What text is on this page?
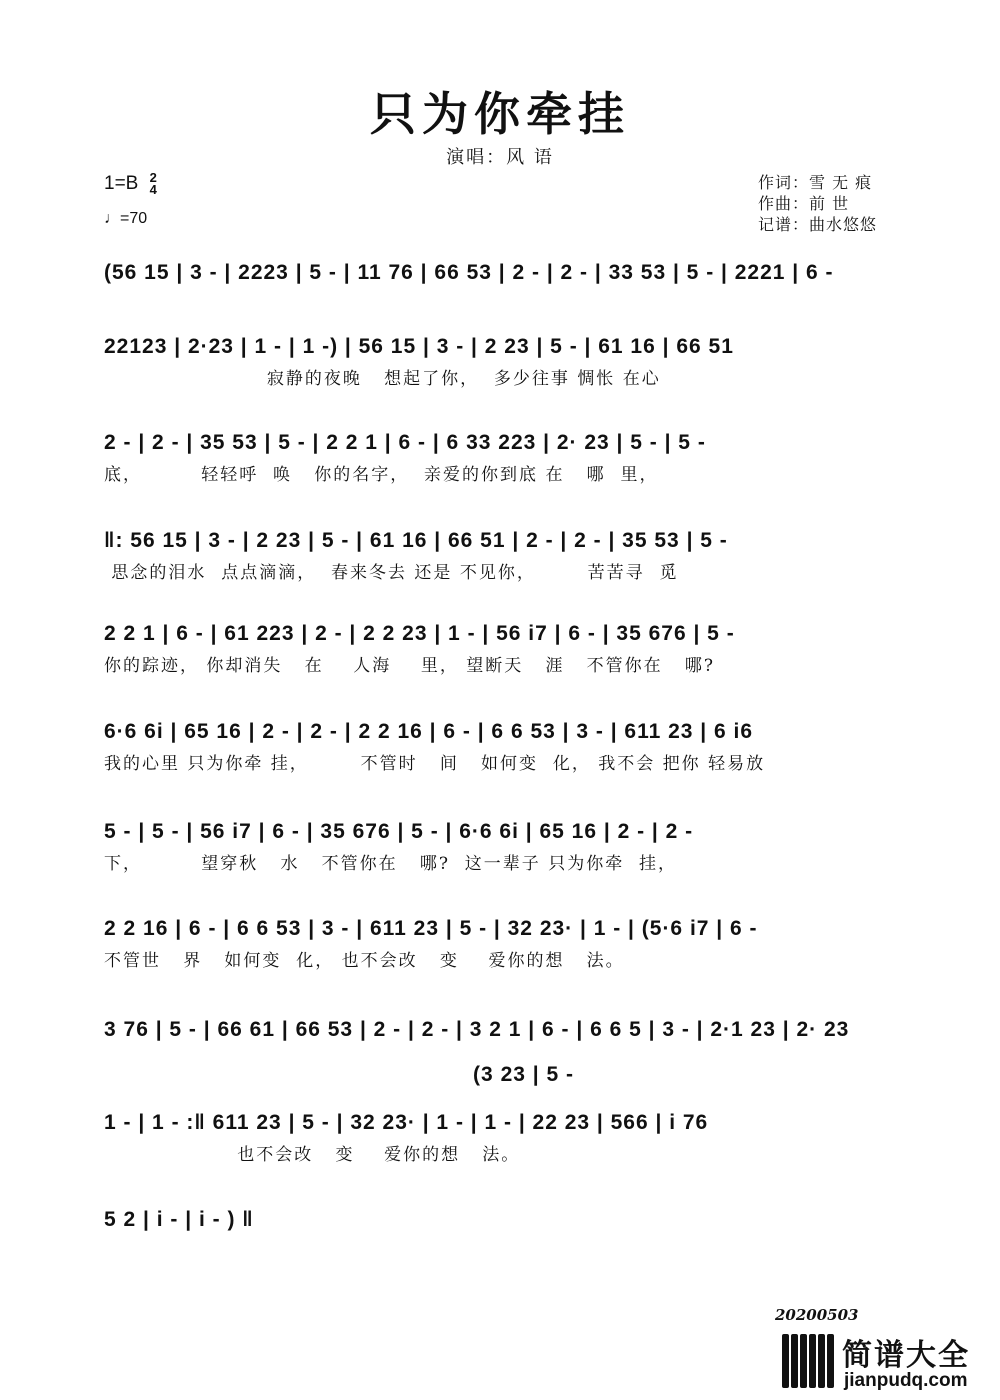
只为你牵挂
演唱：风 语
1=B 2
4
♩=70
作词：雪 无 痕
作曲：前 世
记谱：曲水悠悠
(56 15 | 3 - | 2223 | 5 - | 11 76 | 66 53 | 2 - | 2 - | 33 53 | 5 - | 2221 | 6 -
22123 | 2·23 | 1 - | 1 -) | 56 15 | 3 - | 2 23 | 5 - | 61 16 | 66 51
寂静的夜晚   想起了你，  多少往事 惆怅 在心
2 - | 2 - | 35 53 | 5 - | 2 2 1 | 6 - | 6 33 223 | 2· 23 | 5 - | 5 -
底，        轻轻呼  唤   你的名字，  亲爱的你到底 在   哪  里，
‖: 56 15 | 3 - | 2 23 | 5 - | 61 16 | 66 51 | 2 - | 2 - | 35 53 | 5 -
思念的泪水  点点滴滴，  春来冬去 还是 不见你，       苦苦寻  觅
2 2 1 | 6 - | 61 223 | 2 - | 2 2 23 | 1 - | 56 i7 | 6 - | 35 676 | 5 -
你的踪迹， 你却消失   在    人海    里， 望断天   涯   不管你在   哪?
6·6 6i | 65 16 | 2 - | 2 - | 2 2 16 | 6 - | 6 6 53 | 3 - | 611 23 | 6 i6
我的心里 只为你牵 挂，       不管时   间   如何变  化， 我不会 把你 轻易放
5 - | 5 - | 56 i7 | 6 - | 35 676 | 5 - | 6·6 6i | 65 16 | 2 - | 2 -
下，        望穿秋   水   不管你在   哪?  这一辈子 只为你牵  挂，
2 2 16 | 6 - | 6 6 53 | 3 - | 611 23 | 5 - | 32 23· | 1 - | (5·6 i7 | 6 -
不管世   界   如何变  化， 也不会改   变    爱你的想   法。
3 76 | 5 - | 66 61 | 66 53 | 2 - | 2 - | 3 2 1 | 6 - | 6 6 5 | 3 - | 2·1 23 | 2· 23
(3 23 | 5 -
1 - | 1 - :‖ 611 23 | 5 - | 32 23· | 1 - | 1 - | 22 23 | 566 | i 76
也不会改   变    爱你的想   法。
5 2 | i - | i - ) ‖
20200503
简谱大全
jianpudq.com
